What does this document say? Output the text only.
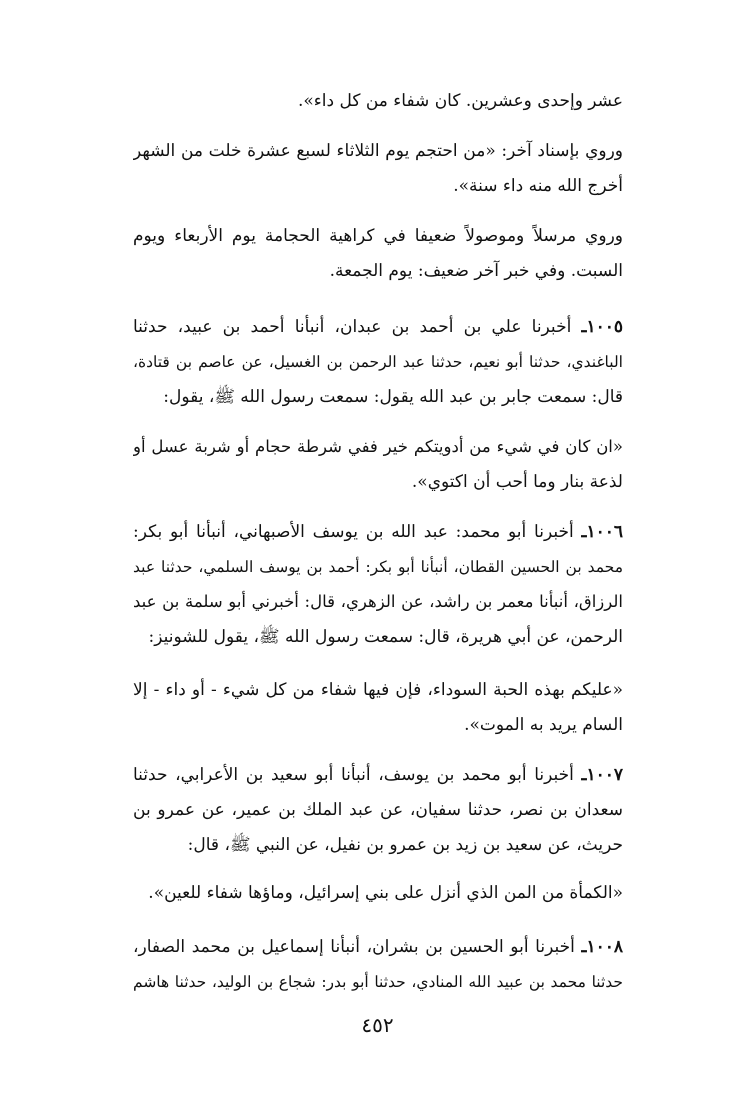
عشر وإحدى وعشرين. كان شفاء من كل داء».
وروي بإسناد آخر: «من احتجم يوم الثلاثاء لسبع عشرة خلت من الشهر
أخرج الله منه داء سنة».
وروي مرسلاً وموصولاً ضعيفا في كراهية الحجامة يوم الأربعاء ويوم
السبت. وفي خبر آخر ضعيف: يوم الجمعة.
١٠٠٥ـ أخبرنا علي بن أحمد بن عبدان، أنبأنا أحمد بن عبيد، حدثنا
الباغندي، حدثنا أبو نعيم، حدثنا عبد الرحمن بن الغسيل، عن عاصم بن قتادة،
قال: سمعت جابر بن عبد الله يقول: سمعت رسول الله ﷺ، يقول:
«ان كان في شيء من أدويتكم خير ففي شرطة حجام أو شربة عسل أو
لذعة بنار وما أحب أن اكتوي».
١٠٠٦ـ أخبرنا أبو محمد: عبد الله بن يوسف الأصبهاني، أنبأنا أبو بكر:
محمد بن الحسين القطان، أنبأنا أبو بكر: أحمد بن يوسف السلمي، حدثنا عبد
الرزاق، أنبأنا معمر بن راشد، عن الزهري، قال: أخبرني أبو سلمة بن عبد
الرحمن، عن أبي هريرة، قال: سمعت رسول الله ﷺ، يقول للشونيز:
«عليكم بهذه الحبة السوداء، فإن فيها شفاء من كل شيء - أو داء - إلا
السام يريد به الموت».
١٠٠٧ـ أخبرنا أبو محمد بن يوسف، أنبأنا أبو سعيد بن الأعرابي، حدثنا
سعدان بن نصر، حدثنا سفيان، عن عبد الملك بن عمير، عن عمرو بن
حريث، عن سعيد بن زيد بن عمرو بن نفيل، عن النبي ﷺ، قال:
«الكمأة من المن الذي أنزل على بني إسرائيل، وماؤها شفاء للعين».
١٠٠٨ـ أخبرنا أبو الحسين بن بشران، أنبأنا إسماعيل بن محمد الصفار،
حدثنا محمد بن عبيد الله المنادي، حدثنا أبو بدر: شجاع بن الوليد، حدثنا هاشم
٤٥٢
